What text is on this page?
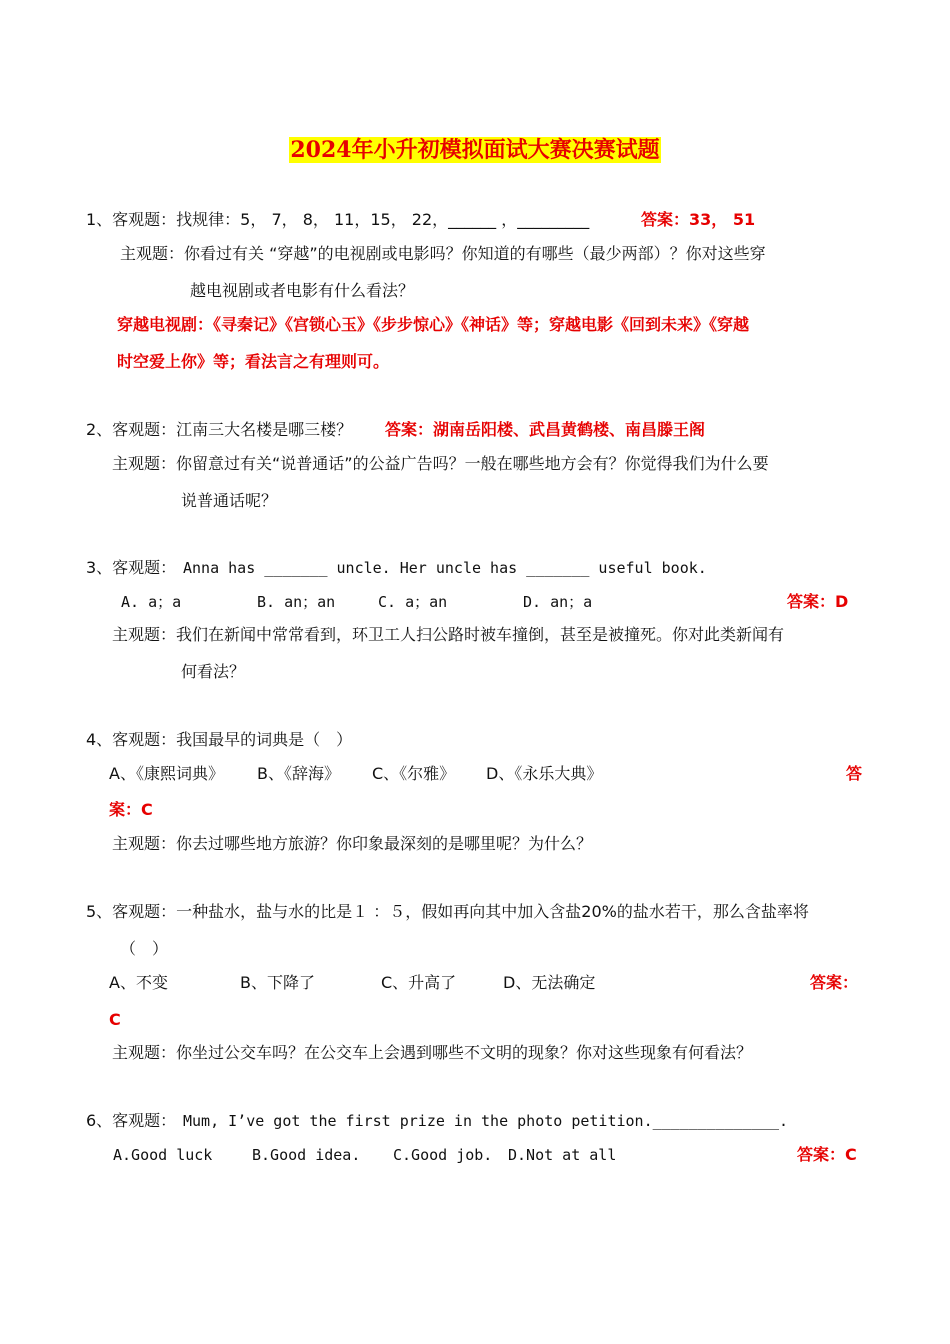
2024年小升初模拟面试大赛决赛试题
1、客观题：找规律：5， 7， 8， 11，15， 22，______ ，_________	答案：33， 51
主观题：你看过有关 “穿越”的电视剧或电影吗？你知道的有哪些（最少两部）？你对这些穿
越电视剧或者电影有什么看法？
穿越电视剧：《寻秦记》《宫锁心玉》《步步惊心》《神话》等；穿越电影《回到未来》《穿越
时空爱上你》等；看法言之有理则可。
2、客观题：江南三大名楼是哪三楼？ 答案：湖南岳阳楼、武昌黄鹤楼、南昌滕王阁
主观题：你留意过有关“说普通话”的公益广告吗？一般在哪些地方会有？你觉得我们为什么要
说普通话呢？
3、客观题： Anna has _______ uncle. Her uncle has _______ useful book.
A. a；a	B. an；an	C. a；an	D. an；a	答案：D
主观题：我们在新闻中常常看到，环卫工人扫公路时被车撞倒，甚至是被撞死。你对此类新闻有
何看法？
4、客观题：我国最早的词典是（　）
A、《康熙词典》 B、《辞海》 C、《尔雅》 D、《永乐大典》	答
案：C
主观题：你去过哪些地方旅游？你印象最深刻的是哪里呢？为什么？
5、客观题：一种盐水，盐与水的比是１ ：５，假如再向其中加入含盐20%的盐水若干，那么含盐率将
（　）
A、不变	B、下降了	C、升高了	D、无法确定	答案：
C
主观题：你坐过公交车吗？在公交车上会遇到哪些不文明的现象？你对这些现象有何看法？
6、客观题： Mum, I’ve got the first prize in the photo petition.______________.
A.Good luck	B.Good idea. C.Good job. D.Not at all	答案：C
